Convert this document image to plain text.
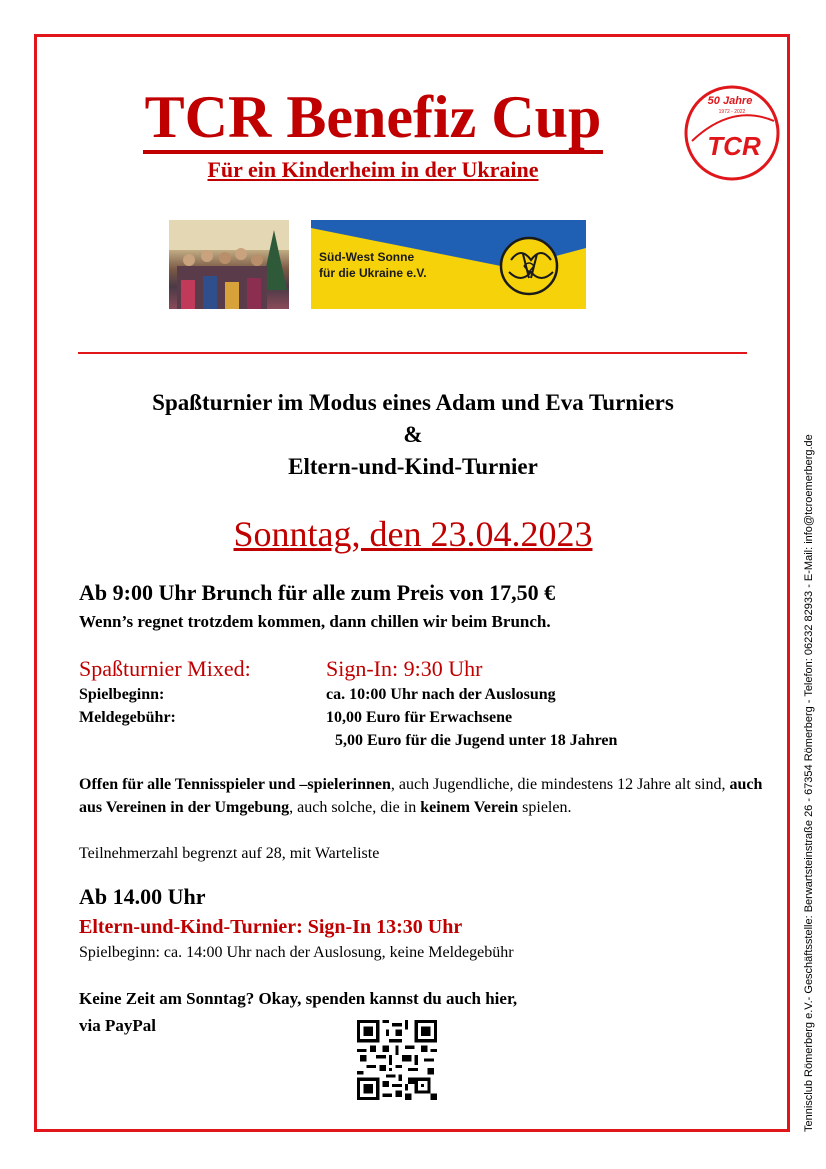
TCR Benefiz Cup
Für ein Kinderheim in der Ukraine
50 Jahre
1972 - 2022
TCR
Süd-West Sonne
für die Ukraine e.V.
Spaßturnier im Modus eines Adam und Eva Turniers
&
Eltern-und-Kind-Turnier
Sonntag, den 23.04.2023
Ab 9:00 Uhr Brunch für alle zum Preis von 17,50 €
Wenn’s regnet trotzdem kommen, dann chillen wir beim Brunch.
Spaßturnier Mixed:	Sign-In: 9:30 Uhr
Spielbeginn:	ca. 10:00 Uhr nach der Auslosung
Meldegebühr:	10,00 Euro für Erwachsene
5,00 Euro für die Jugend unter 18 Jahren
Offen für alle Tennisspieler und –spielerinnen, auch Jugendliche, die mindestens 12 Jahre alt sind, auch aus Vereinen in der Umgebung, auch solche, die in keinem Verein spielen.
Teilnehmerzahl begrenzt auf 28, mit Warteliste
Ab 14.00 Uhr
Eltern-und-Kind-Turnier: Sign-In 13:30 Uhr
Spielbeginn: ca. 14:00 Uhr nach der Auslosung, keine Meldegebühr
Keine Zeit am Sonntag? Okay, spenden kannst du auch hier,
via PayPal	Tennisclub Römerberg e.V.- Geschäftsstelle: Berwartsteinstraße 26 - 67354 Römerberg - Telefon: 06232 82933 - E-Mail: info@tcroemerberg.de
